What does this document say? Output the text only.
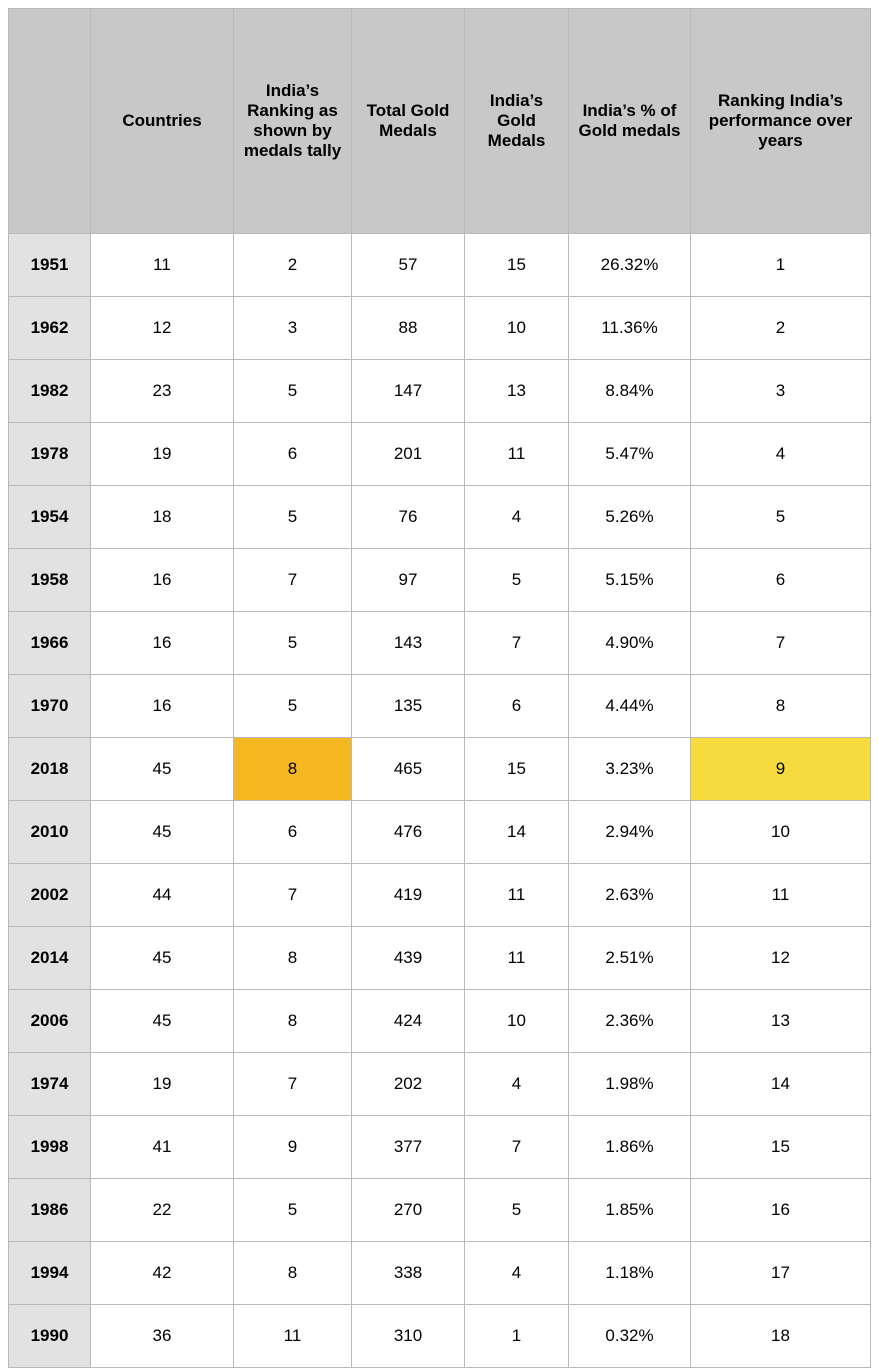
	Countries	India’s Ranking as shown by medals tally	Total Gold Medals	India’s Gold Medals	India’s % of Gold medals	Ranking India’s performance over years
1951	11	2	57	15	26.32%	1
1962	12	3	88	10	11.36%	2
1982	23	5	147	13	8.84%	3
1978	19	6	201	11	5.47%	4
1954	18	5	76	4	5.26%	5
1958	16	7	97	5	5.15%	6
1966	16	5	143	7	4.90%	7
1970	16	5	135	6	4.44%	8
2018	45	8	465	15	3.23%	9
2010	45	6	476	14	2.94%	10
2002	44	7	419	11	2.63%	11
2014	45	8	439	11	2.51%	12
2006	45	8	424	10	2.36%	13
1974	19	7	202	4	1.98%	14
1998	41	9	377	7	1.86%	15
1986	22	5	270	5	1.85%	16
1994	42	8	338	4	1.18%	17
1990	36	11	310	1	0.32%	18
